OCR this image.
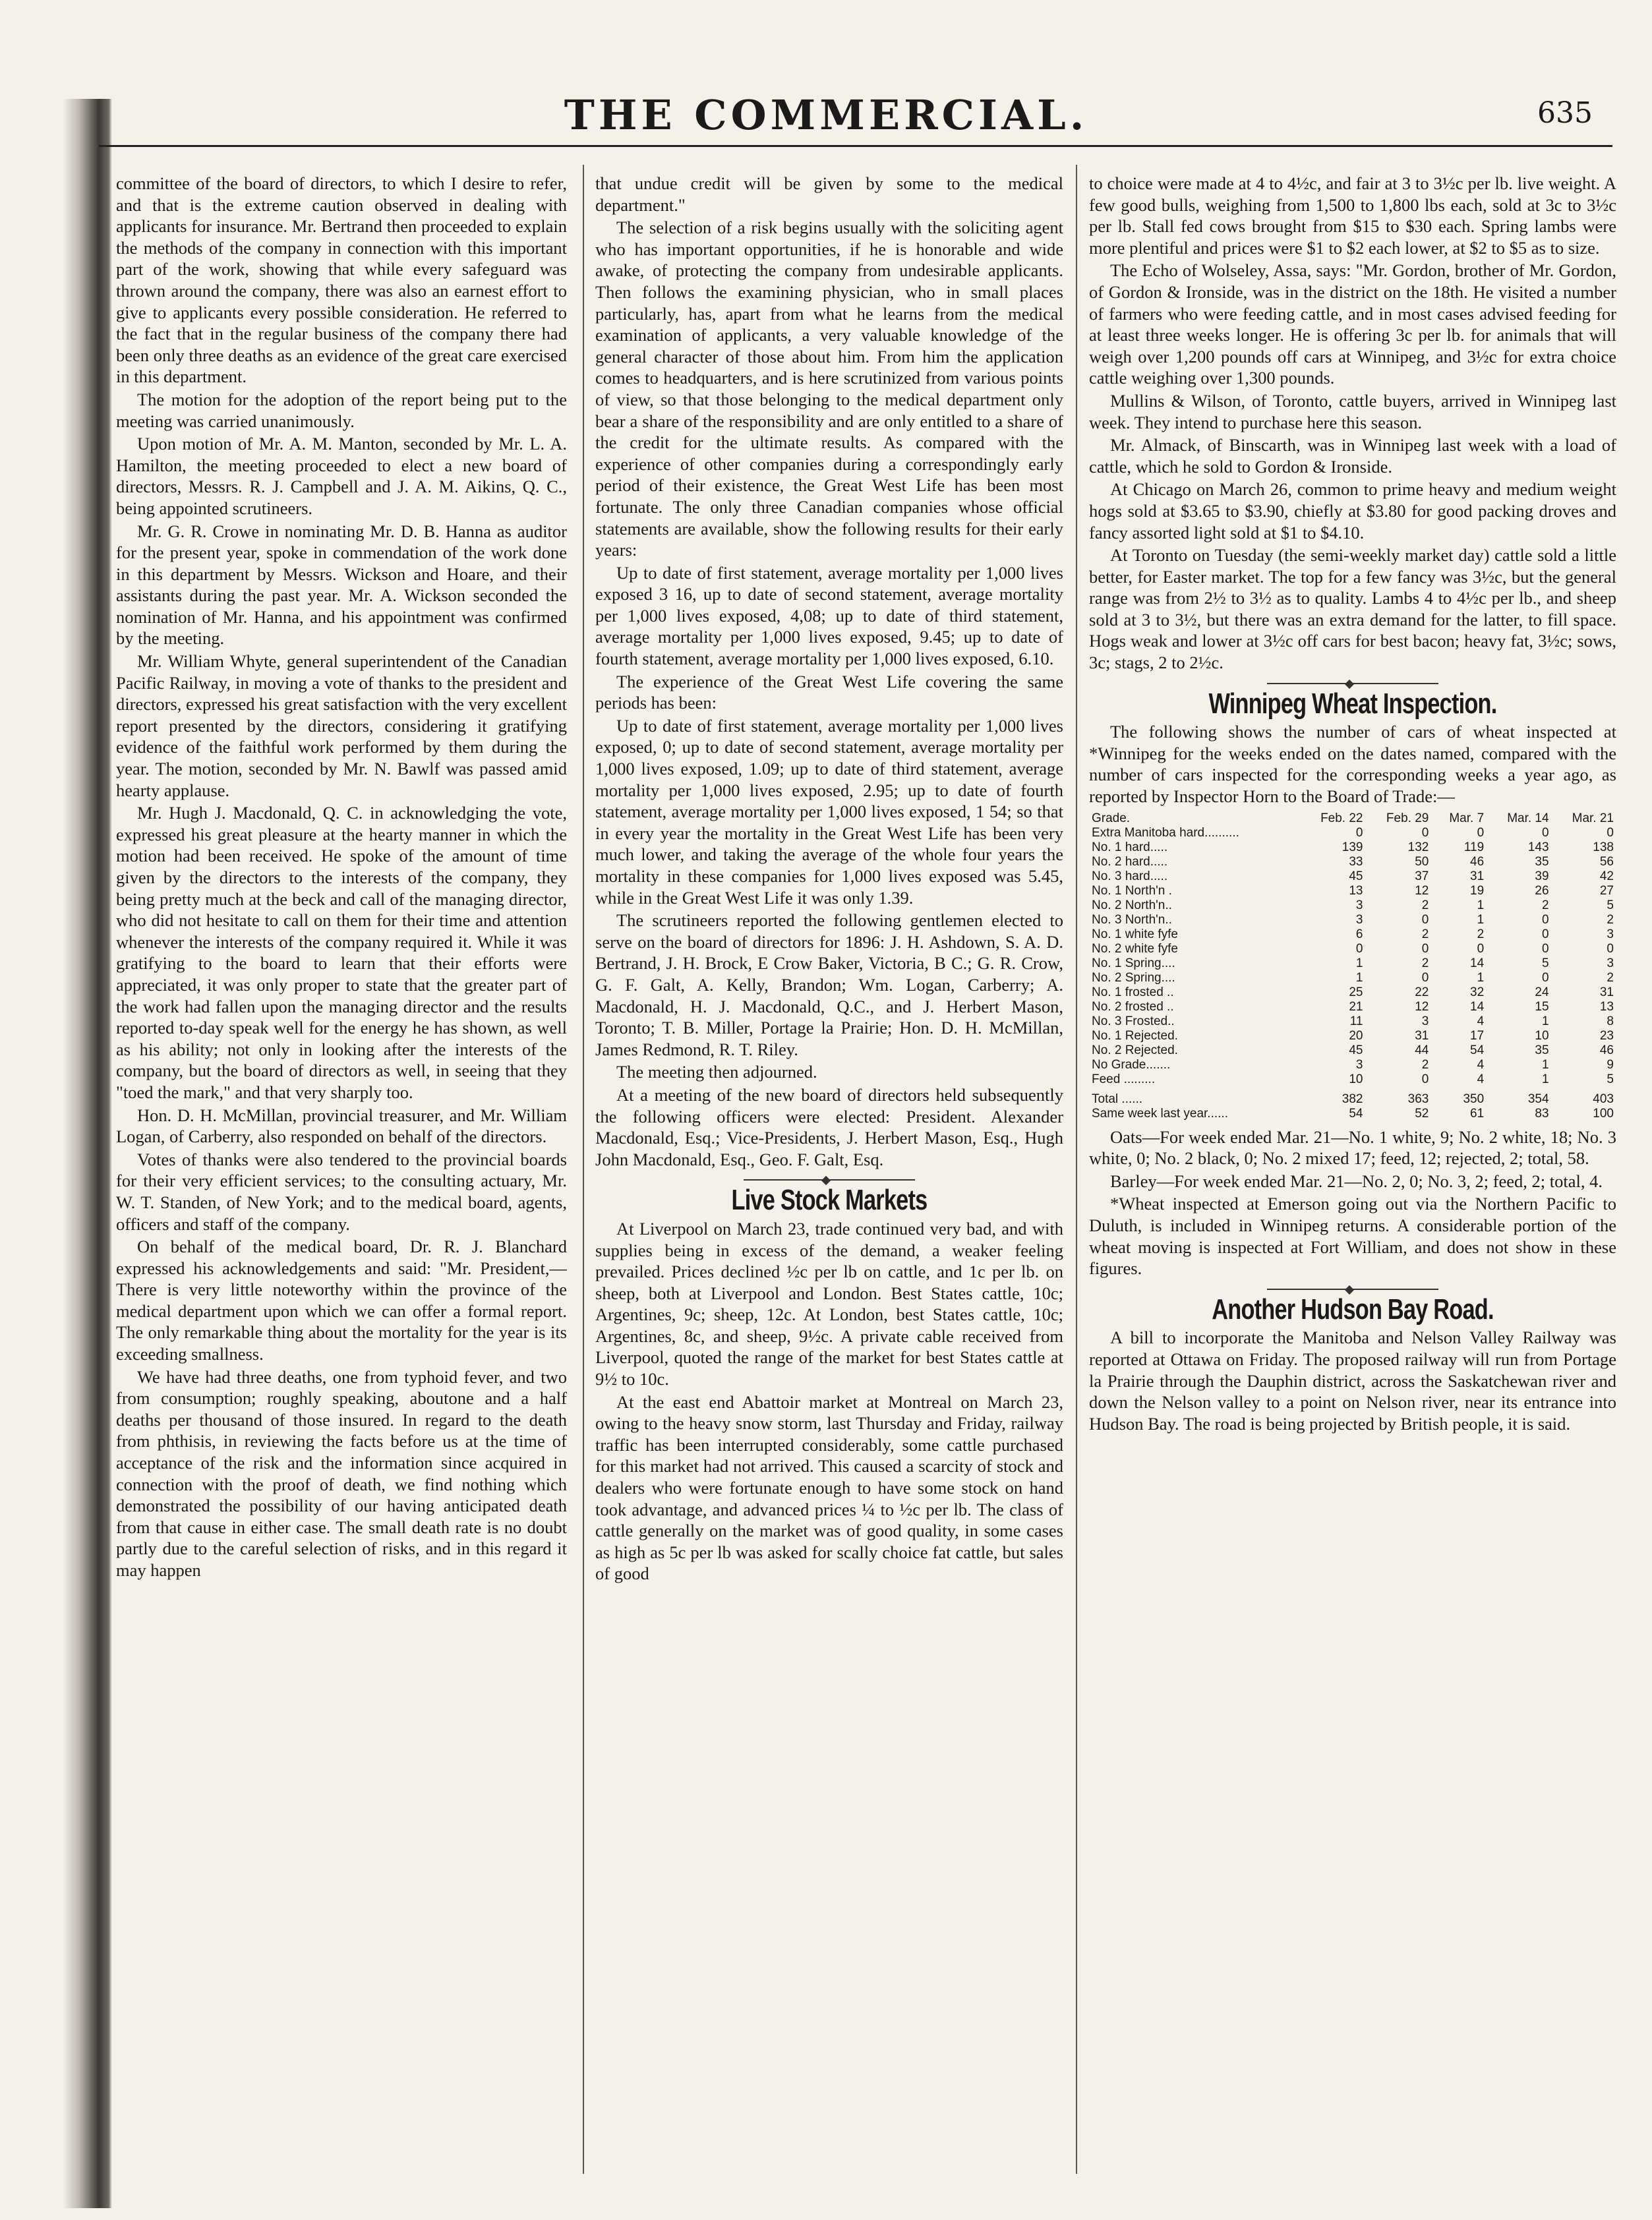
THE COMMERCIAL.	635

committee of the board of directors, to which I desire to refer, and that is the extreme caution observed in dealing with applicants for insurance. Mr. Bertrand then proceeded to explain the methods of the company in connection with this important part of the work, showing that while every safeguard was thrown around the company, there was also an earnest effort to give to applicants every possible consideration. He referred to the fact that in the regular business of the company there had been only three deaths as an evidence of the great care exercised in this department.

The motion for the adoption of the report being put to the meeting was carried unanimously.

Upon motion of Mr. A. M. Manton, seconded by Mr. L. A. Hamilton, the meeting proceeded to elect a new board of directors, Messrs. R. J. Campbell and J. A. M. Aikins, Q. C., being appointed scrutineers.

Mr. G. R. Crowe in nominating Mr. D. B. Hanna as auditor for the present year, spoke in commendation of the work done in this department by Messrs. Wickson and Hoare, and their assistants during the past year. Mr. A. Wickson seconded the nomination of Mr. Hanna, and his appointment was confirmed by the meeting.

Mr. William Whyte, general superintendent of the Canadian Pacific Railway, in moving a vote of thanks to the president and directors, expressed his great satisfaction with the very excellent report presented by the directors, considering it gratifying evidence of the faithful work performed by them during the year. The motion, seconded by Mr. N. Bawlf was passed amid hearty applause.

Mr. Hugh J. Macdonald, Q. C. in acknowledging the vote, expressed his great pleasure at the hearty manner in which the motion had been received. He spoke of the amount of time given by the directors to the interests of the company, they being pretty much at the beck and call of the managing director, who did not hesitate to call on them for their time and attention whenever the interests of the company required it. While it was gratifying to the board to learn that their efforts were appreciated, it was only proper to state that the greater part of the work had fallen upon the managing director and the results reported to-day speak well for the energy he has shown, as well as his ability; not only in looking after the interests of the company, but the board of directors as well, in seeing that they "toed the mark," and that very sharply too.

Hon. D. H. McMillan, provincial treasurer, and Mr. William Logan, of Carberry, also responded on behalf of the directors.

Votes of thanks were also tendered to the provincial boards for their very efficient services; to the consulting actuary, Mr. W. T. Standen, of New York; and to the medical board, agents, officers and staff of the company.

On behalf of the medical board, Dr. R. J. Blanchard expressed his acknowledgements and said: "Mr. President,—There is very little noteworthy within the province of the medical department upon which we can offer a formal report. The only remarkable thing about the mortality for the year is its exceeding smallness.

We have had three deaths, one from typhoid fever, and two from consumption; roughly speaking, aboutone and a half deaths per thousand of those insured. In regard to the death from phthisis, in reviewing the facts before us at the time of acceptance of the risk and the information since acquired in connection with the proof of death, we find nothing which demonstrated the possibility of our having anticipated death from that cause in either case. The small death rate is no doubt partly due to the careful selection of risks, and in this regard it may happen

that undue credit will be given by some to the medical department."

The selection of a risk begins usually with the soliciting agent who has important opportunities, if he is honorable and wide awake, of protecting the company from undesirable applicants. Then follows the examining physician, who in small places particularly, has, apart from what he learns from the medical examination of applicants, a very valuable knowledge of the general character of those about him. From him the application comes to headquarters, and is here scrutinized from various points of view, so that those belonging to the medical department only bear a share of the responsibility and are only entitled to a share of the credit for the ultimate results. As compared with the experience of other companies during a correspondingly early period of their existence, the Great West Life has been most fortunate. The only three Canadian companies whose official statements are available, show the following results for their early years:

Up to date of first statement, average mortality per 1,000 lives exposed 3 16, up to date of second statement, average mortality per 1,000 lives exposed, 4,08; up to date of third statement, average mortality per 1,000 lives exposed, 9.45; up to date of fourth statement, average mortality per 1,000 lives exposed, 6.10.

The experience of the Great West Life covering the same periods has been:

Up to date of first statement, average mortality per 1,000 lives exposed, 0; up to date of second statement, average mortality per 1,000 lives exposed, 1.09; up to date of third statement, average mortality per 1,000 lives exposed, 2.95; up to date of fourth statement, average mortality per 1,000 lives exposed, 1 54; so that in every year the mortality in the Great West Life has been very much lower, and taking the average of the whole four years the mortality in these companies for 1,000 lives exposed was 5.45, while in the Great West Life it was only 1.39.

The scrutineers reported the following gentlemen elected to serve on the board of directors for 1896: J. H. Ashdown, S. A. D. Bertrand, J. H. Brock, E Crow Baker, Victoria, B C.; G. R. Crow, G. F. Galt, A. Kelly, Brandon; Wm. Logan, Carberry; A. Macdonald, H. J. Macdonald, Q.C., and J. Herbert Mason, Toronto; T. B. Miller, Portage la Prairie; Hon. D. H. McMillan, James Redmond, R. T. Riley.

The meeting then adjourned.

At a meeting of the new board of directors held subsequently the following officers were elected: President. Alexander Macdonald, Esq.; Vice-Presidents, J. Herbert Mason, Esq., Hugh John Macdonald, Esq., Geo. F. Galt, Esq.

Live Stock Markets

At Liverpool on March 23, trade continued very bad, and with supplies being in excess of the demand, a weaker feeling prevailed. Prices declined ½c per lb on cattle, and 1c per lb. on sheep, both at Liverpool and London. Best States cattle, 10c; Argentines, 9c; sheep, 12c. At London, best States cattle, 10c; Argentines, 8c, and sheep, 9½c. A private cable received from Liverpool, quoted the range of the market for best States cattle at 9½ to 10c.

At the east end Abattoir market at Montreal on March 23, owing to the heavy snow storm, last Thursday and Friday, railway traffic has been interrupted considerably, some cattle purchased for this market had not arrived. This caused a scarcity of stock and dealers who were fortunate enough to have some stock on hand took advantage, and advanced prices ¼ to ½c per lb. The class of cattle generally on the market was of good quality, in some cases as high as 5c per lb was asked for scally choice fat cattle, but sales of good

to choice were made at 4 to 4½c, and fair at 3 to 3½c per lb. live weight. A few good bulls, weighing from 1,500 to 1,800 lbs each, sold at 3c to 3½c per lb. Stall fed cows brought from $15 to $30 each. Spring lambs were more plentiful and prices were $1 to $2 each lower, at $2 to $5 as to size.

The Echo of Wolseley, Assa, says: "Mr. Gordon, brother of Mr. Gordon, of Gordon & Ironside, was in the district on the 18th. He visited a number of farmers who were feeding cattle, and in most cases advised feeding for at least three weeks longer. He is offering 3c per lb. for animals that will weigh over 1,200 pounds off cars at Winnipeg, and 3½c for extra choice cattle weighing over 1,300 pounds.

Mullins & Wilson, of Toronto, cattle buyers, arrived in Winnipeg last week. They intend to purchase here this season.

Mr. Almack, of Binscarth, was in Winnipeg last week with a load of cattle, which he sold to Gordon & Ironside.

At Chicago on March 26, common to prime heavy and medium weight hogs sold at $3.65 to $3.90, chiefly at $3.80 for good packing droves and fancy assorted light sold at $1 to $4.10.

At Toronto on Tuesday (the semi-weekly market day) cattle sold a little better, for Easter market. The top for a few fancy was 3½c, but the general range was from 2½ to 3½ as to quality. Lambs 4 to 4½c per lb., and sheep sold at 3 to 3½, but there was an extra demand for the latter, to fill space. Hogs weak and lower at 3½c off cars for best bacon; heavy fat, 3½c; sows, 3c; stags, 2 to 2½c.

Winnipeg Wheat Inspection.

The following shows the number of cars of wheat inspected at *Winnipeg for the weeks ended on the dates named, compared with the number of cars inspected for the corresponding weeks a year ago, as reported by Inspector Horn to the Board of Trade:—

Grade.	Feb. 22	Feb. 29	Mar. 7	Mar. 14	Mar. 21
Extra Manitoba hard..........	0	0	0	0	0
No. 1 hard.....	139	132	119	143	138
No. 2 hard.....	33	50	46	35	56
No. 3 hard.....	45	37	31	39	42
No. 1 North'n .	13	12	19	26	27
No. 2 North'n..	3	2	1	2	5
No. 3 North'n..	3	0	1	0	2
No. 1 white fyfe	6	2	2	0	3
No. 2 white fyfe	0	0	0	0	0
No. 1 Spring....	1	2	14	5	3
No. 2 Spring....	1	0	1	0	2
No. 1 frosted ..	25	22	32	24	31
No. 2 frosted ..	21	12	14	15	13
No. 3 Frosted..	11	3	4	1	8
No. 1 Rejected.	20	31	17	10	23
No. 2 Rejected.	45	44	54	35	46
No Grade.......	3	2	4	1	9
Feed .........	10	0	4	1	5
Total ......	382	363	350	354	403
Same week last year......	54	52	61	83	100

Oats—For week ended Mar. 21—No. 1 white, 9; No. 2 white, 18; No. 3 white, 0; No. 2 black, 0; No. 2 mixed 17; feed, 12; rejected, 2; total, 58.

Barley—For week ended Mar. 21—No. 2, 0; No. 3, 2; feed, 2; total, 4.

*Wheat inspected at Emerson going out via the Northern Pacific to Duluth, is included in Winnipeg returns. A considerable portion of the wheat moving is inspected at Fort William, and does not show in these figures.

Another Hudson Bay Road.

A bill to incorporate the Manitoba and Nelson Valley Railway was reported at Ottawa on Friday. The proposed railway will run from Portage la Prairie through the Dauphin district, across the Saskatchewan river and down the Nelson valley to a point on Nelson river, near its entrance into Hudson Bay. The road is being projected by British people, it is said.
